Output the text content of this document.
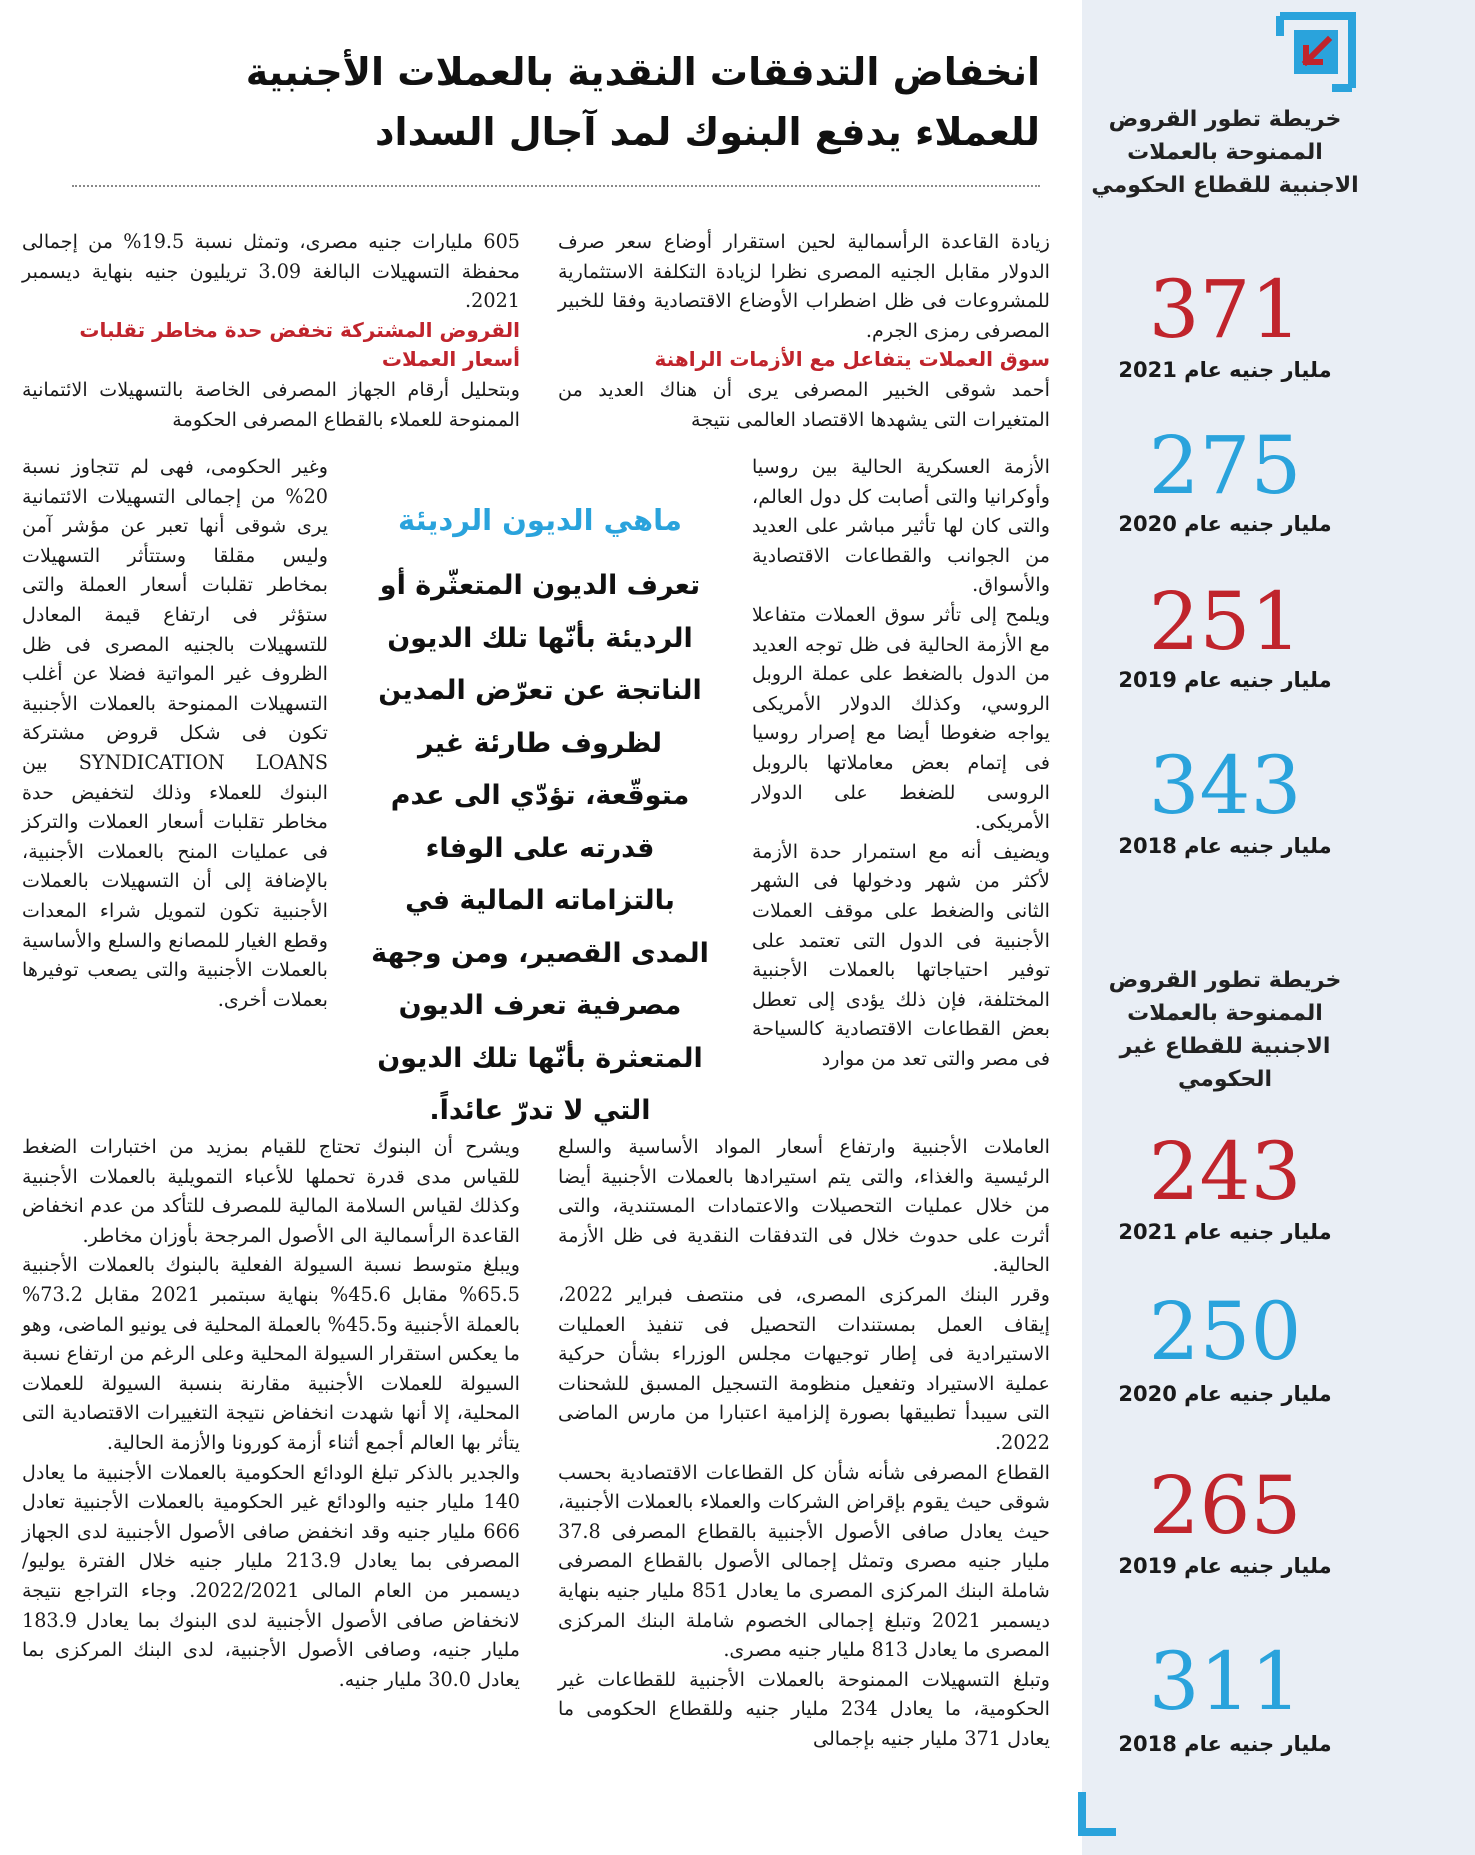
خريطة تطور القروض الممنوحة بالعملات الاجنبية للقطاع الحكومي
371
مليار جنيه عام 2021
275
مليار جنيه عام 2020
251
مليار جنيه عام 2019
343
مليار جنيه عام 2018
خريطة تطور القروض الممنوحة بالعملات الاجنبية للقطاع غير الحكومي
243
مليار جنيه عام 2021
250
مليار جنيه عام 2020
265
مليار جنيه عام 2019
311
مليار جنيه عام 2018
انخفاض التدفقات النقدية بالعملات الأجنبية
للعملاء يدفع البنوك لمد آجال السداد

زيادة القاعدة الرأسمالية لحين استقرار أوضاع سعر صرف الدولار مقابل الجنيه المصرى نظرا لزيادة التكلفة الاستثمارية للمشروعات فى ظل اضطراب الأوضاع الاقتصادية وفقا للخبير المصرفى رمزى الجرم.

سوق العملات يتفاعل مع الأزمات الراهنة

أحمد شوقى الخبير المصرفى يرى أن هناك العديد من المتغيرات التى يشهدها الاقتصاد العالمى نتيجة

الأزمة العسكرية الحالية بين روسيا وأوكرانيا والتى أصابت كل دول العالم، والتى كان لها تأثير مباشر على العديد من الجوانب والقطاعات الاقتصادية والأسواق.

ويلمح إلى تأثر سوق العملات متفاعلا مع الأزمة الحالية فى ظل توجه العديد من الدول بالضغط على عملة الروبل الروسي، وكذلك الدولار الأمريكى يواجه ضغوطا أيضا مع إصرار روسيا فى إتمام بعض معاملاتها بالروبل الروسى للضغط على الدولار الأمريكى.

ويضيف أنه مع استمرار حدة الأزمة لأكثر من شهر ودخولها فى الشهر الثانى والضغط على موقف العملات الأجنبية فى الدول التى تعتمد على توفير احتياجاتها بالعملات الأجنبية المختلفة، فإن ذلك يؤدى إلى تعطل بعض القطاعات الاقتصادية كالسياحة فى مصر والتى تعد من موارد

العاملات الأجنبية وارتفاع أسعار المواد الأساسية والسلع الرئيسية والغذاء، والتى يتم استيرادها بالعملات الأجنبية أيضا من خلال عمليات التحصيلات والاعتمادات المستندية، والتى أثرت على حدوث خلال فى التدفقات النقدية فى ظل الأزمة الحالية.

وقرر البنك المركزى المصرى، فى منتصف فبراير 2022، إيقاف العمل بمستندات التحصيل فى تنفيذ العمليات الاستيرادية فى إطار توجيهات مجلس الوزراء بشأن حركية عملية الاستيراد وتفعيل منظومة التسجيل المسبق للشحنات التى سيبدأ تطبيقها بصورة إلزامية اعتبارا من مارس الماضى 2022.

القطاع المصرفى شأنه شأن كل القطاعات الاقتصادية بحسب شوقى حيث يقوم بإقراض الشركات والعملاء بالعملات الأجنبية، حيث يعادل صافى الأصول الأجنبية بالقطاع المصرفى 37.8 مليار جنيه مصرى وتمثل إجمالى الأصول بالقطاع المصرفى شاملة البنك المركزى المصرى ما يعادل 851 مليار جنيه بنهاية ديسمبر 2021 وتبلغ إجمالى الخصوم شاملة البنك المركزى المصرى ما يعادل 813 مليار جنيه مصرى.

وتبلغ التسهيلات الممنوحة بالعملات الأجنبية للقطاعات غير الحكومية، ما يعادل 234 مليار جنيه وللقطاع الحكومى ما يعادل 371 مليار جنيه بإجمالى

605 مليارات جنيه مصرى، وتمثل نسبة 19.5% من إجمالى محفظة التسهيلات البالغة 3.09 تريليون جنيه بنهاية ديسمبر 2021.

القروض المشتركة تخفض حدة مخاطر تقلبات أسعار العملات

وبتحليل أرقام الجهاز المصرفى الخاصة بالتسهيلات الائتمانية الممنوحة للعملاء بالقطاع المصرفى الحكومة

وغير الحكومى، فهى لم تتجاوز نسبة 20% من إجمالى التسهيلات الائتمانية يرى شوقى أنها تعبر عن مؤشر آمن وليس مقلقا وستتأثر التسهيلات بمخاطر تقلبات أسعار العملة والتى ستؤثر فى ارتفاع قيمة المعادل للتسهيلات بالجنيه المصرى فى ظل الظروف غير المواتية فضلا عن أغلب التسهيلات الممنوحة بالعملات الأجنبية تكون فى شكل قروض مشتركة SYNDICATION LOANS بين البنوك للعملاء وذلك لتخفيض حدة مخاطر تقلبات أسعار العملات والتركز فى عمليات المنح بالعملات الأجنبية، بالإضافة إلى أن التسهيلات بالعملات الأجنبية تكون لتمويل شراء المعدات وقطع الغيار للمصانع والسلع والأساسية بالعملات الأجنبية والتى يصعب توفيرها بعملات أخرى.

ويشرح أن البنوك تحتاج للقيام بمزيد من اختبارات الضغط للقياس مدى قدرة تحملها للأعباء التمويلية بالعملات الأجنبية وكذلك لقياس السلامة المالية للمصرف للتأكد من عدم انخفاض القاعدة الرأسمالية الى الأصول المرجحة بأوزان مخاطر.

ويبلغ متوسط نسبة السيولة الفعلية بالبنوك بالعملات الأجنبية 65.5% مقابل 45.6% بنهاية سبتمبر 2021 مقابل 73.2% بالعملة الأجنبية و45.5% بالعملة المحلية فى يونيو الماضى، وهو ما يعكس استقرار السيولة المحلية وعلى الرغم من ارتفاع نسبة السيولة للعملات الأجنبية مقارنة بنسبة السيولة للعملات المحلية، إلا أنها شهدت انخفاض نتيجة التغييرات الاقتصادية التى يتأثر بها العالم أجمع أثناء أزمة كورونا والأزمة الحالية.

والجدير بالذكر تبلغ الودائع الحكومية بالعملات الأجنبية ما يعادل 140 مليار جنيه والودائع غير الحكومية بالعملات الأجنبية تعادل 666 مليار جنيه وقد انخفض صافى الأصول الأجنبية لدى الجهاز المصرفى بما يعادل 213.9 مليار جنيه خلال الفترة يوليو/ديسمبر من العام المالى 2022/2021. وجاء التراجع نتيجة لانخفاض صافى الأصول الأجنبية لدى البنوك بما يعادل 183.9 مليار جنيه، وصافى الأصول الأجنبية، لدى البنك المركزى بما يعادل 30.0 مليار جنيه.

ماهي الديون الرديئة
تعرف الديون المتعثّرة أو الرديئة بأنّها تلك الديون الناتجة عن تعرّض المدين لظروف طارئة غير متوقّعة، تؤدّي الى عدم قدرته على الوفاء بالتزاماته المالية في المدى القصير، ومن وجهة مصرفية تعرف الديون المتعثرة بأنّها تلك الديون التي لا تدرّ عائداً.
